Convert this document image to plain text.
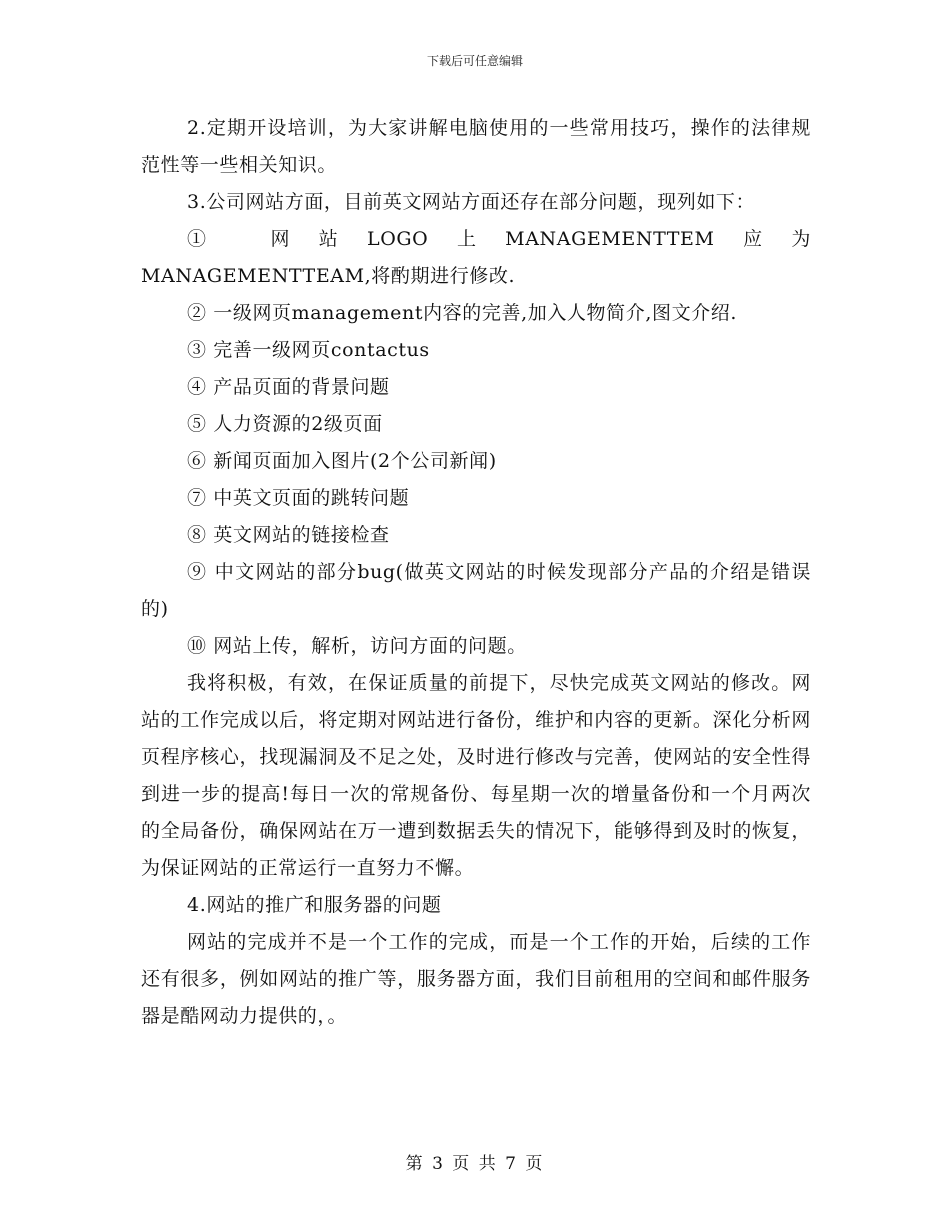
下载后可任意编辑

2.定期开设培训，为大家讲解电脑使用的一些常用技巧，操作的法律规范性等一些相关知识。

3.公司网站方面，目前英文网站方面还存在部分问题，现列如下：

① 网站LOGO上MANAGEMENTTEM应为MANAGEMENTTEAM,将酌期进行修改.

② 一级网页management内容的完善,加入人物简介,图文介绍.

③ 完善一级网页contactus

④ 产品页面的背景问题

⑤ 人力资源的2级页面

⑥ 新闻页面加入图片(2个公司新闻)

⑦ 中英文页面的跳转问题

⑧ 英文网站的链接检查

⑨ 中文网站的部分bug(做英文网站的时候发现部分产品的介绍是错误的)

⑩ 网站上传，解析，访问方面的问题。

我将积极，有效，在保证质量的前提下，尽快完成英文网站的修改。网站的工作完成以后，将定期对网站进行备份，维护和内容的更新。深化分析网页程序核心，找现漏洞及不足之处，及时进行修改与完善，使网站的安全性得到进一步的提高!每日一次的常规备份、每星期一次的增量备份和一个月两次的全局备份，确保网站在万一遭到数据丢失的情况下，能够得到及时的恢复，为保证网站的正常运行一直努力不懈。

4.网站的推广和服务器的问题

网站的完成并不是一个工作的完成，而是一个工作的开始，后续的工作还有很多，例如网站的推广等，服务器方面，我们目前租用的空间和邮件服务器是酷网动力提供的，。

第 3 页 共 7 页
